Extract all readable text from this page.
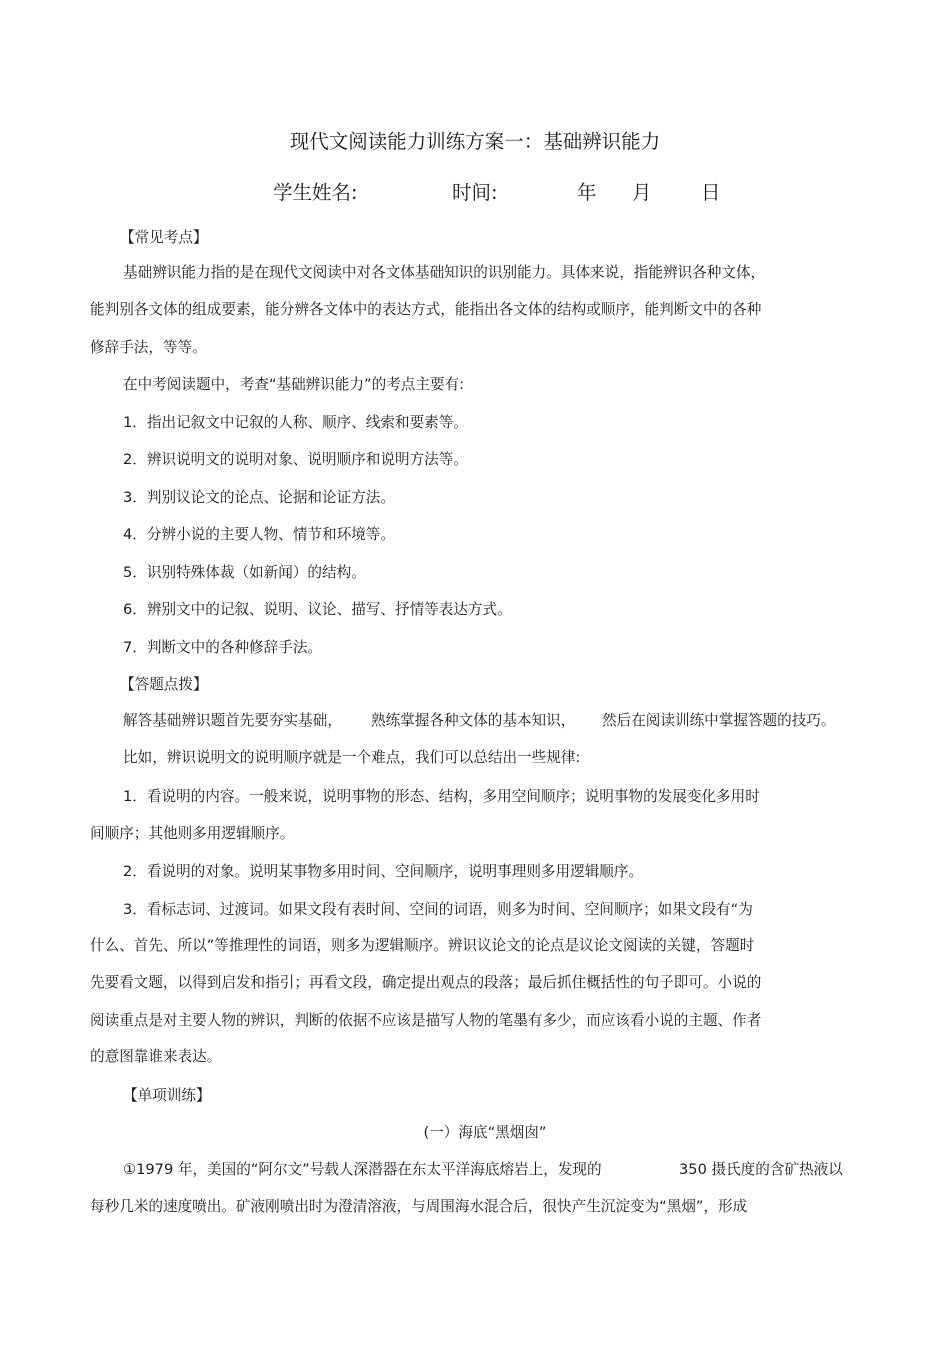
现代文阅读能力训练方案一：基础辨识能力
学生姓名:	时间:	年 月	日
【常见考点】
基础辨识能力指的是在现代文阅读中对各文体基础知识的识别能力。具体来说，指能辨识各种文体，
能判别各文体的组成要素，能分辨各文体中的表达方式，能指出各文体的结构或顺序，能判断文中的各种
修辞手法，等等。
在中考阅读题中，考查“基础辨识能力”的考点主要有:
1．指出记叙文中记叙的人称、顺序、线索和要素等。
2．辨识说明文的说明对象、说明顺序和说明方法等。
3．判别议论文的论点、论据和论证方法。
4．分辨小说的主要人物、情节和环境等。
5．识别特殊体裁（如新闻）的结构。
6．辨别文中的记叙、说明、议论、描写、抒情等表达方式。
7．判断文中的各种修辞手法。
【答题点拨】
解答基础辨识题首先要夯实基础， 熟练掌握各种文体的基本知识， 然后在阅读训练中掌握答题的技巧。
比如，辨识说明文的说明顺序就是一个难点，我们可以总结出一些规律:
1．看说明的内容。一般来说，说明事物的形态、结构，多用空间顺序；说明事物的发展变化多用时
间顺序；其他则多用逻辑顺序。
2．看说明的对象。说明某事物多用时间、空间顺序，说明事理则多用逻辑顺序。
3．看标志词、过渡词。如果文段有表时间、空间的词语，则多为时间、空间顺序；如果文段有“为
什么、首先、所以”等推理性的词语，则多为逻辑顺序。辨识议论文的论点是议论文阅读的关键，答题时
先要看文题，以得到启发和指引；再看文段，确定提出观点的段落；最后抓住概括性的句子即可。小说的
阅读重点是对主要人物的辨识，判断的依据不应该是描写人物的笔墨有多少，而应该看小说的主题、作者
的意图靠谁来表达。
【单项训练】
(一）海底“黑烟囱”
①1979 年，美国的“阿尔文”号载人深潜器在东太平洋海底熔岩上，发现的	350 摄氏度的含矿热液以
每秒几米的速度喷出。矿液刚喷出时为澄清溶液，与周围海水混合后，很快产生沉淀变为“黑烟”，形成
